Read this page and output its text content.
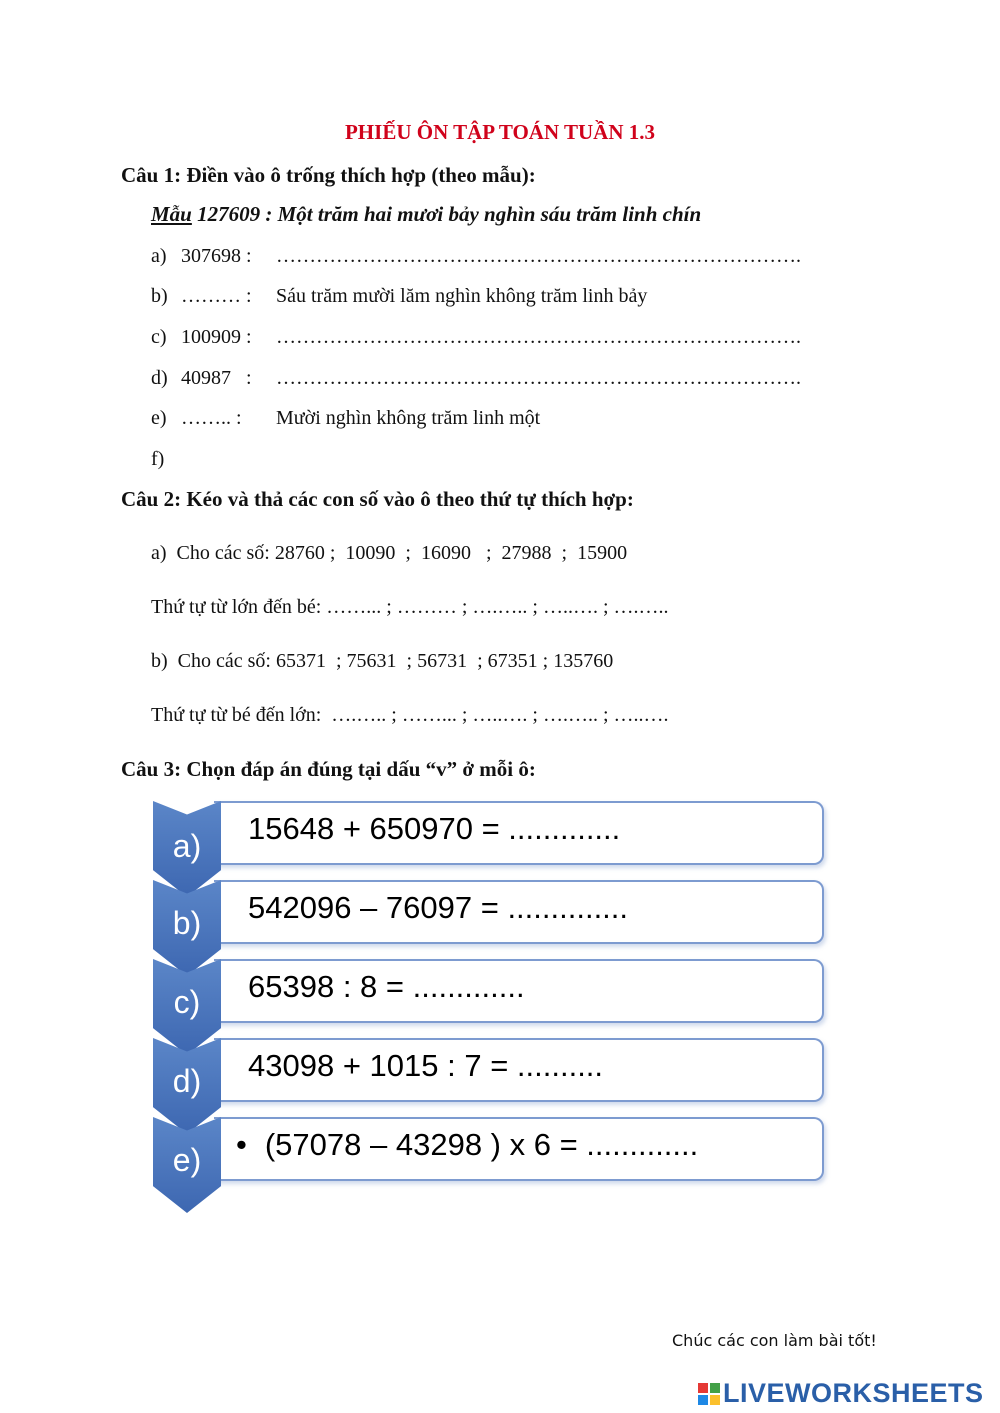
PHIẾU ÔN TẬP TOÁN TUẦN 1.3
Câu 1: Điền vào ô trống thích hợp (theo mẫu):
Mẫu 127609 : Một trăm hai mươi bảy nghìn sáu trăm linh chín
a) 307698 : …………………………………………………………………….
b) ……… : Sáu trăm mười lăm nghìn không trăm linh bảy
c) 100909 : …………………………………………………………………….
d) 40987   : …………………………………………………………………….
e) …….. : Mười nghìn không trăm linh một
f)
Câu 2: Kéo và thả các con số vào ô theo thứ tự thích hợp:
a)  Cho các số: 28760 ;  10090  ;  16090   ;  27988  ;  15900
Thứ tự từ lớn đến bé: ……... ; ……… ; ….….. ; …..…. ; ….…..
b)  Cho các số: 65371  ; 75631  ; 56731  ; 67351 ; 135760
Thứ tự từ bé đến lớn:  ….….. ; ……... ; …..…. ; ….….. ; …..….
Câu 3: Chọn đáp án đúng tại dấu “v” ở mỗi ô:
15648 + 650970 = .............
a)
542096 – 76097 = ..............
b)
65398 : 8 = .............
c)
43098 + 1015 : 7 = ..........
d)
• (57078 – 43298 ) x 6 = .............
e)
Chúc các con làm bài tốt!
LIVEWORKSHEETS
